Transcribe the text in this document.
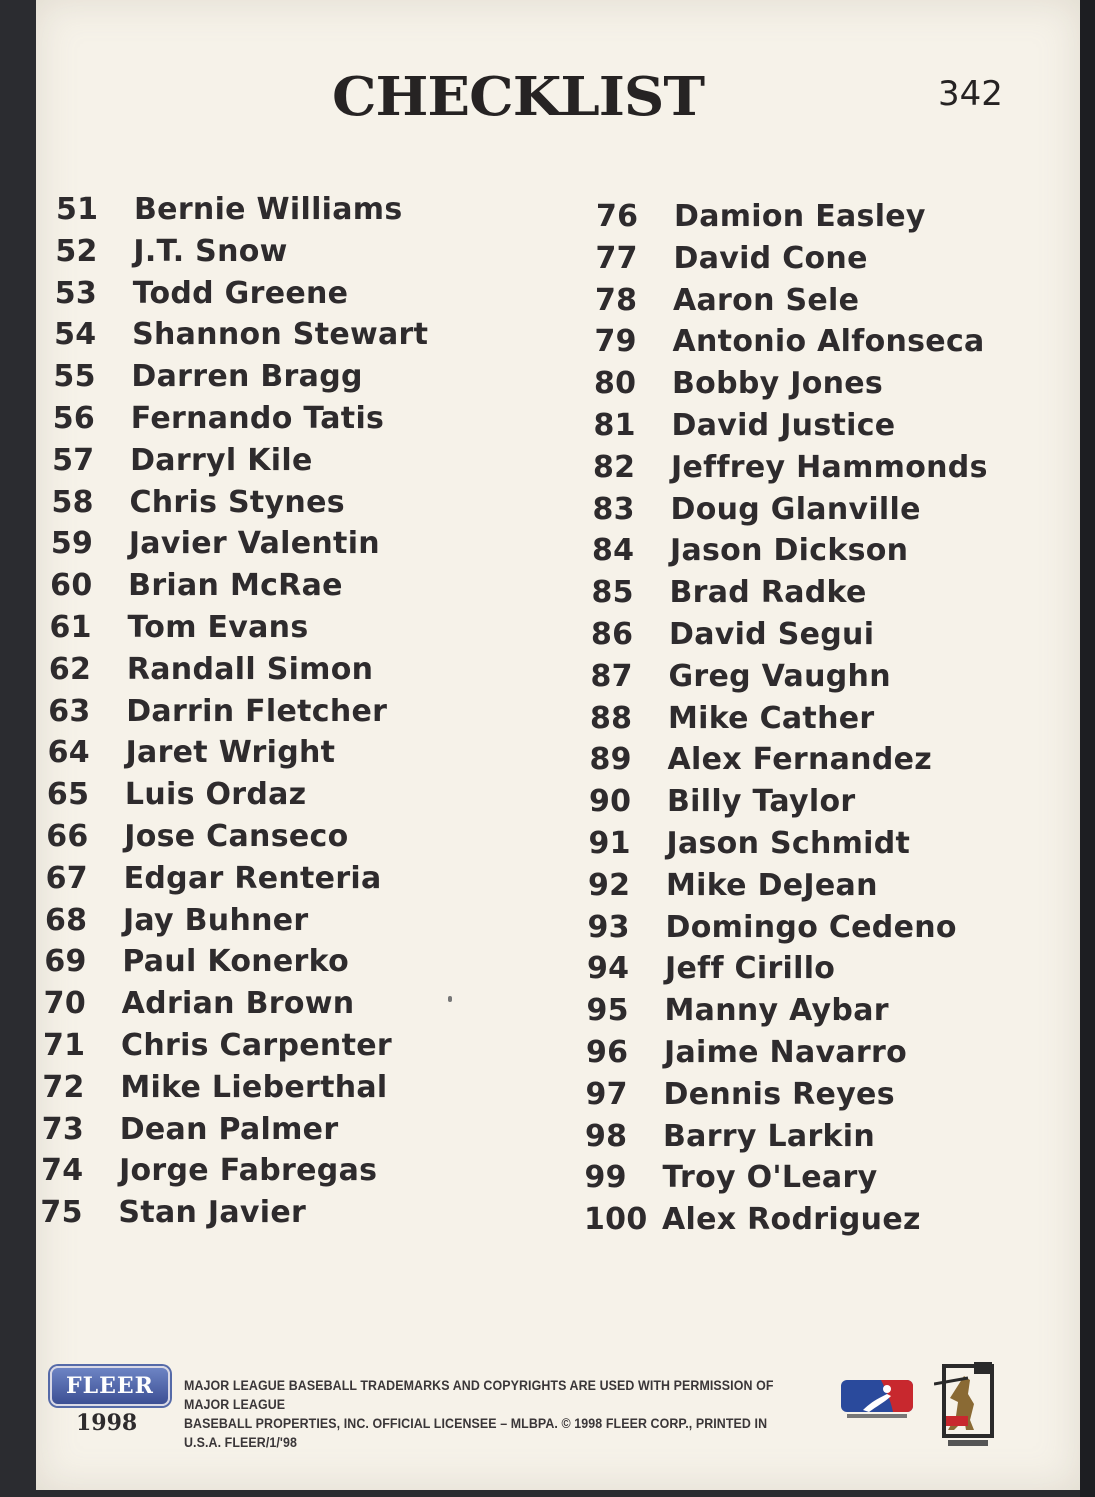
CHECKLIST	342
51 Bernie Williams
52 J.T. Snow
53 Todd Greene
54 Shannon Stewart
55 Darren Bragg
56 Fernando Tatis
57 Darryl Kile
58 Chris Stynes
59 Javier Valentin
60 Brian McRae
61 Tom Evans
62 Randall Simon
63 Darrin Fletcher
64 Jaret Wright
65 Luis Ordaz
66 Jose Canseco
67 Edgar Renteria
68 Jay Buhner
69 Paul Konerko
70 Adrian Brown
71 Chris Carpenter
72 Mike Lieberthal
73 Dean Palmer
74 Jorge Fabregas
75 Stan Javier
76 Damion Easley
77 David Cone
78 Aaron Sele
79 Antonio Alfonseca
80 Bobby Jones
81 David Justice
82 Jeffrey Hammonds
83 Doug Glanville
84 Jason Dickson
85 Brad Radke
86 David Segui
87 Greg Vaughn
88 Mike Cather
89 Alex Fernandez
90 Billy Taylor
91 Jason Schmidt
92 Mike DeJean
93 Domingo Cedeno
94 Jeff Cirillo
95 Manny Aybar
96 Jaime Navarro
97 Dennis Reyes
98 Barry Larkin
99 Troy O'Leary
100 Alex Rodriguez
FLEER
1998
MAJOR LEAGUE BASEBALL TRADEMARKS AND COPYRIGHTS ARE USED WITH PERMISSION OF MAJOR LEAGUE
BASEBALL PROPERTIES, INC. OFFICIAL LICENSEE – MLBPA. © 1998 FLEER CORP., PRINTED IN U.S.A. FLEER/1/'98
